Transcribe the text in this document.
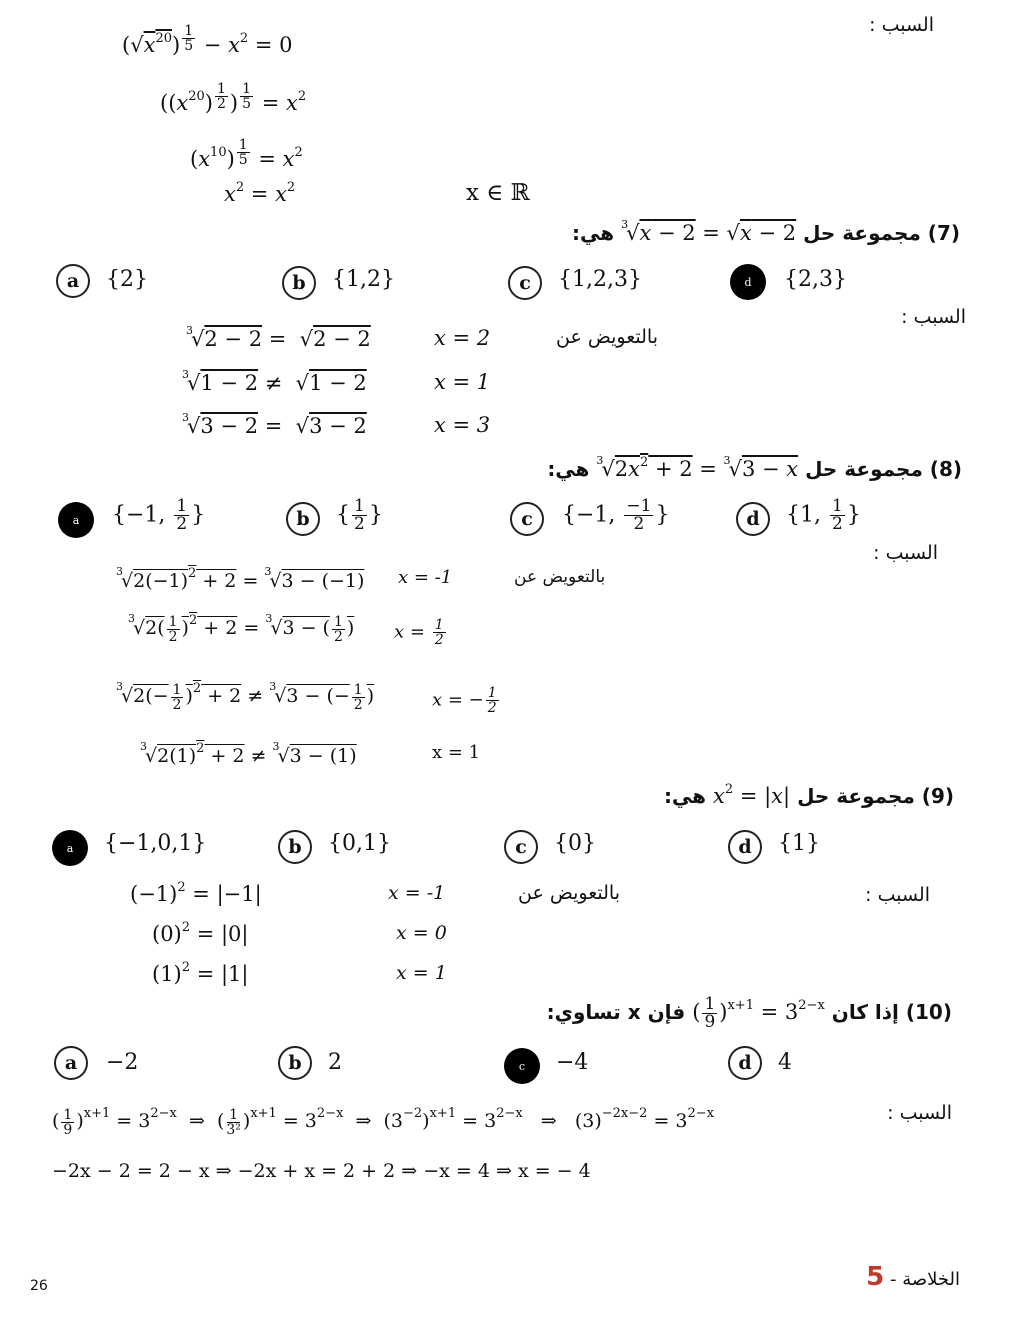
السبب :
$(√x^{20}) ^{\frac{1}{5}} - x^2 = 0$
($(x^{20})$ $^{\frac{1}{2}}$ ) $^{\frac{1}{5}} = x^2$
$(x^{10}) ^{\frac{1}{5}} = x^2$
$x^2 = x^2$	x ∈ ℝ
(7) مجموعة حل $^3$√x − 2 = √x − 2 هي:
a	{2}	b	{1,2}	c	{1,2,3}	d	{2,3}
السبب :
$^3$√2 − 2 =  √2 − 2	x = 2	بالتعويض عن
$^3$√1 − 2 ≠  √1 − 2	x = 1
$^3$√3 − 2 =  √3 − 2	x = 3
(8) مجموعة حل $^3√2x^2 + 2 = ^3√3 - x$ هي:
a	{−1, $\frac{1}{2}$ }	b	{ $\frac{1}{2}$ }	c	{−1, $\frac{-1}{2}$ }	d	{1, $\frac{1}{2}$ }
السبب :
$^3√2(-1)^2 + 2 = ^3√3 - (-1) x = -1$	بالتعويض عن
$^3√2( \frac{1}{2} )^2 + 2 = ^3√3$ − ( $\frac{1}{2}$ ) $x = \frac{1}{2}$
$^3√2(- \frac{1}{2} )^2 + 2 \ne ^3√3$ − (− $\frac{1}{2}$ )	x = − $\frac{1}{2}$
$^3√2(1)^2 + 2 \ne ^3√3 - (1)$	x = 1
(9) مجموعة حل $x^2 = |x|$ هي:
a	{−1,0,1}	b	{0,1}	c	{0}	d	{1}
السبب :
$(-1)^2 = |-1|$	x = -1	بالتعويض عن
$(0)^2 = |0|$	x = 0
$(1)^2 = |1|$	x = 1
(10) إذا كان ( $\frac{1}{9} )^{x+1} = 3^{2-x}$ فإن x تساوي:
a	−2	b	2	c	−4	d	4
السبب :
( $\frac{1}{9} )^{x+1} = 3^{2-x}$  ⇒  ( $\frac{1}{\text{3²}} )^{x+1} = 3^{2-x}$  ⇒  $(3^{-2})^{x+1} = 3^{2-x}$   ⇒   $(3)^{-2x-2} = 3^{2-x}$
−2x − 2 = 2 − x ⇒ −2x + x = 2 + 2 ⇒ −x = 4 ⇒ x = − 4
26	الخلاصة - 5
